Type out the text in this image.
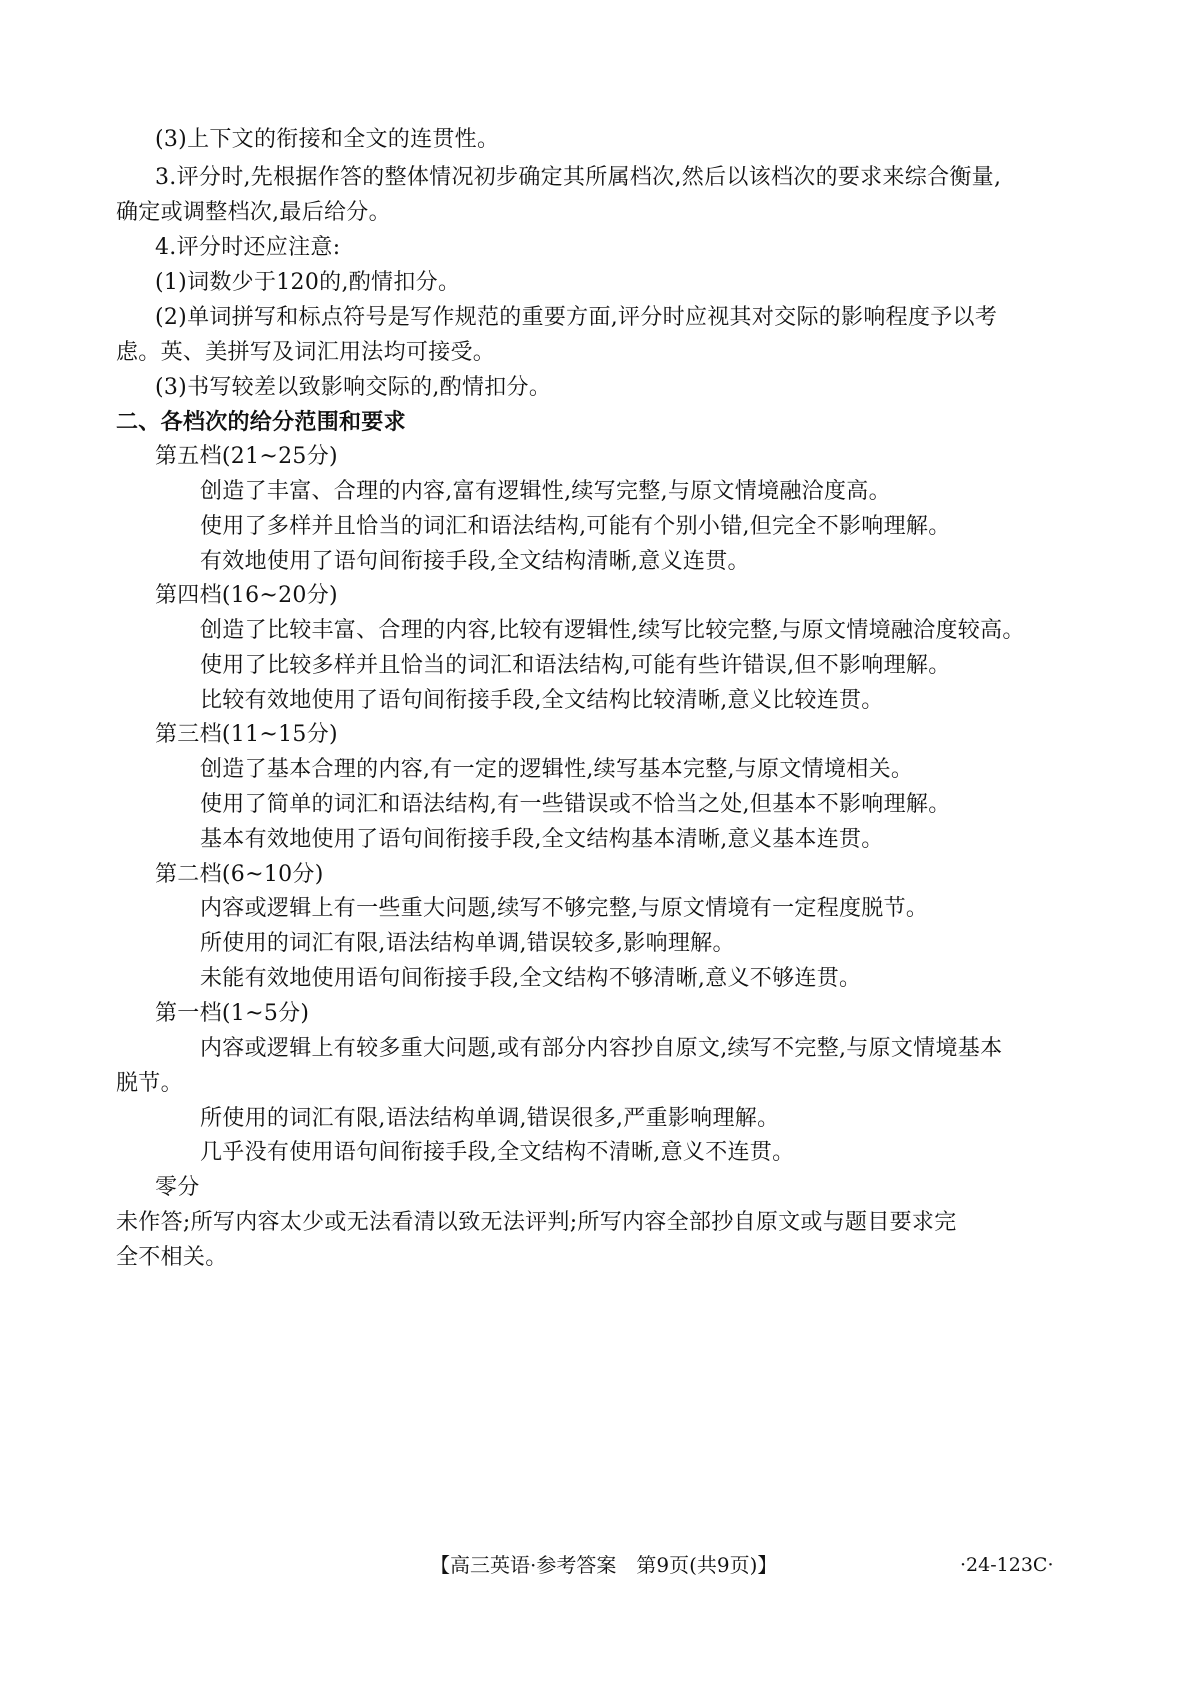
(3)上下文的衔接和全文的连贯性。
3.评分时,先根据作答的整体情况初步确定其所属档次,然后以该档次的要求来综合衡量,
确定或调整档次,最后给分。
4.评分时还应注意:
(1)词数少于120的,酌情扣分。
(2)单词拼写和标点符号是写作规范的重要方面,评分时应视其对交际的影响程度予以考
虑。英、美拼写及词汇用法均可接受。
(3)书写较差以致影响交际的,酌情扣分。
二、各档次的给分范围和要求
第五档(21~25分)
创造了丰富、合理的内容,富有逻辑性,续写完整,与原文情境融洽度高。
使用了多样并且恰当的词汇和语法结构,可能有个别小错,但完全不影响理解。
有效地使用了语句间衔接手段,全文结构清晰,意义连贯。
第四档(16~20分)
创造了比较丰富、合理的内容,比较有逻辑性,续写比较完整,与原文情境融洽度较高。
使用了比较多样并且恰当的词汇和语法结构,可能有些许错误,但不影响理解。
比较有效地使用了语句间衔接手段,全文结构比较清晰,意义比较连贯。
第三档(11~15分)
创造了基本合理的内容,有一定的逻辑性,续写基本完整,与原文情境相关。
使用了简单的词汇和语法结构,有一些错误或不恰当之处,但基本不影响理解。
基本有效地使用了语句间衔接手段,全文结构基本清晰,意义基本连贯。
第二档(6~10分)
内容或逻辑上有一些重大问题,续写不够完整,与原文情境有一定程度脱节。
所使用的词汇有限,语法结构单调,错误较多,影响理解。
未能有效地使用语句间衔接手段,全文结构不够清晰,意义不够连贯。
第一档(1~5分)
内容或逻辑上有较多重大问题,或有部分内容抄自原文,续写不完整,与原文情境基本
脱节。
所使用的词汇有限,语法结构单调,错误很多,严重影响理解。
几乎没有使用语句间衔接手段,全文结构不清晰,意义不连贯。
零分
未作答;所写内容太少或无法看清以致无法评判;所写内容全部抄自原文或与题目要求完
全不相关。
【高三英语·参考答案　第9页(共9页)】	·24-123C·
